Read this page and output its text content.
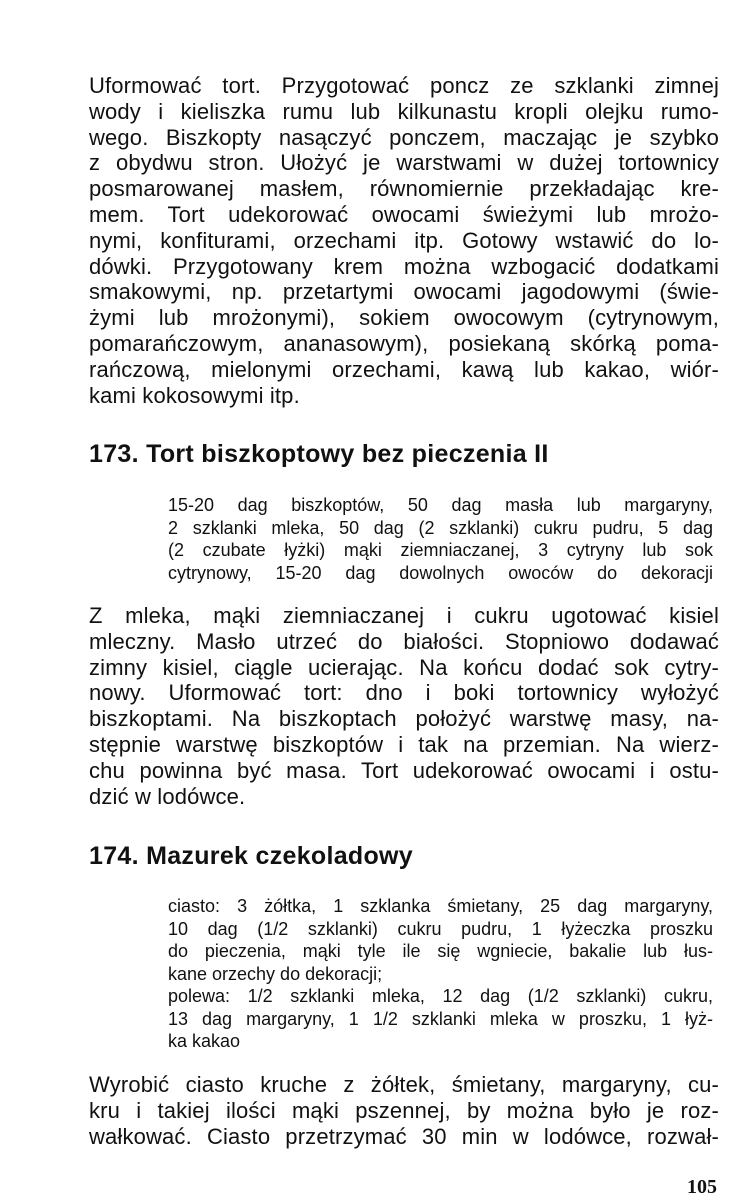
Uformować tort. Przygotować poncz ze szklanki zimnej
wody i kieliszka rumu lub kilkunastu kropli olejku rumo-
wego. Biszkopty nasączyć ponczem, maczając je szybko
z obydwu stron. Ułożyć je warstwami w dużej tortownicy
posmarowanej masłem, równomiernie przekładając kre-
mem. Tort udekorować owocami świeżymi lub mrożo-
nymi, konfiturami, orzechami itp. Gotowy wstawić do lo-
dówki. Przygotowany krem można wzbogacić dodatkami
smakowymi, np. przetartymi owocami jagodowymi (świe-
żymi lub mrożonymi), sokiem owocowym (cytrynowym,
pomarańczowym, ananasowym), posiekaną skórką poma-
rańczową, mielonymi orzechami, kawą lub kakao, wiór-
kami kokosowymi itp.
173. Tort biszkoptowy bez pieczenia II
15-20 dag biszkoptów, 50 dag masła lub margaryny,
2 szklanki mleka, 50 dag (2 szklanki) cukru pudru, 5 dag
(2 czubate łyżki) mąki ziemniaczanej, 3 cytryny lub sok
cytrynowy, 15-20 dag dowolnych owoców do dekoracji
Z mleka, mąki ziemniaczanej i cukru ugotować kisiel
mleczny. Masło utrzeć do białości. Stopniowo dodawać
zimny kisiel, ciągle ucierając. Na końcu dodać sok cytry-
nowy. Uformować tort: dno i boki tortownicy wyłożyć
biszkoptami. Na biszkoptach położyć warstwę masy, na-
stępnie warstwę biszkoptów i tak na przemian. Na wierz-
chu powinna być masa. Tort udekorować owocami i ostu-
dzić w lodówce.
174. Mazurek czekoladowy
ciasto: 3 żółtka, 1 szklanka śmietany, 25 dag margaryny,
10 dag (1/2 szklanki) cukru pudru, 1 łyżeczka proszku
do pieczenia, mąki tyle ile się wgniecie, bakalie lub łus-
kane orzechy do dekoracji;
polewa: 1/2 szklanki mleka, 12 dag (1/2 szklanki) cukru,
13 dag margaryny, 1 1/2 szklanki mleka w proszku, 1 łyż-
ka kakao
Wyrobić ciasto kruche z żółtek, śmietany, margaryny, cu-
kru i takiej ilości mąki pszennej, by można było je roz-
wałkować. Ciasto przetrzymać 30 min w lodówce, rozwał-
105
